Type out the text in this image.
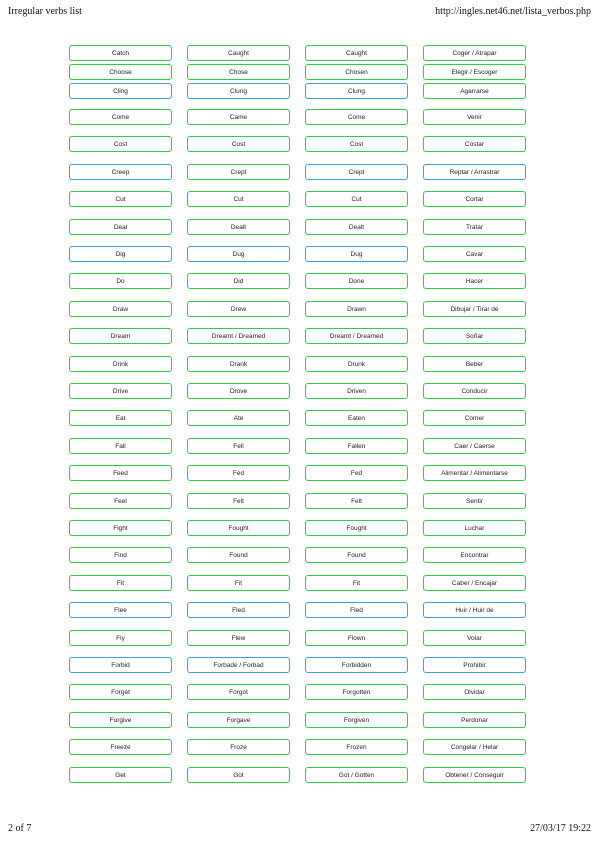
Irregular verbs list	http://ingles.net46.net/lista_verbos.php
Catch	Caught	Caught	Coger / Atrapar
Choose	Chose	Chosen	Elegir / Escoger
Cling	Clung	Clung	Agarrarse
Come	Came	Come	Venir
Cost	Cost	Cost	Costar
Creep	Crept	Crept	Reptar / Arrastrar
Cut	Cut	Cut	Cortar
Deal	Dealt	Dealt	Tratar
Dig	Dug	Dug	Cavar
Do	Did	Done	Hacer
Draw	Drew	Drawn	Dibujar / Tirar de
Dream	Dreamt / Dreamed	Dreamt / Dreamed	Soñar
Drink	Drank	Drunk	Beber
Drive	Drove	Driven	Conducir
Eat	Ate	Eaten	Comer
Fall	Fell	Fallen	Caer / Caerse
Feed	Fed	Fed	Alimentar / Alimentarse
Feel	Felt	Felt	Sentir
Fight	Fought	Fought	Luchar
Find	Found	Found	Encontrar
Fit	Fit	Fit	Caber / Encajar
Flee	Fled	Fled	Huir / Huir de
Fly	Flew	Flown	Volar
Forbid	Forbade / Forbad	Forbidden	Prohibir
Forget	Forgot	Forgotten	Olvidar
Forgive	Forgave	Forgiven	Perdonar
Freeze	Froze	Frozen	Congelar / Helar
Get	Got	Got / Gotten	Obtener / Conseguir
2 of 7	27/03/17 19:22
